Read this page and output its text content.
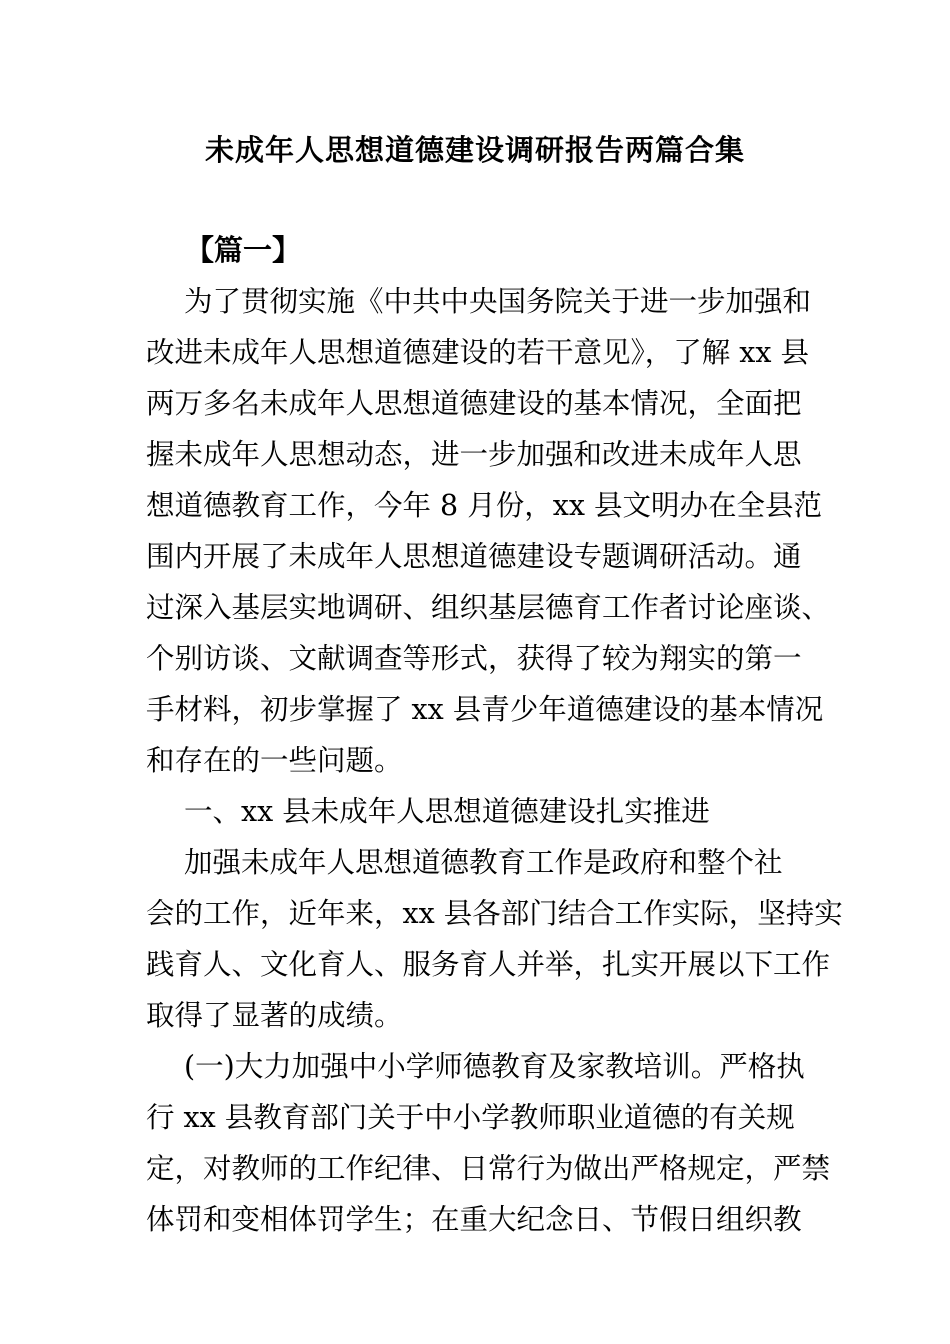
未成年人思想道德建设调研报告两篇合集
【篇一】
为了贯彻实施《中共中央国务院关于进一步加强和
改进未成年人思想道德建设的若干意见》，了解 xx 县
两万多名未成年人思想道德建设的基本情况，全面把
握未成年人思想动态，进一步加强和改进未成年人思
想道德教育工作，今年 8 月份，xx 县文明办在全县范
围内开展了未成年人思想道德建设专题调研活动。通
过深入基层实地调研、组织基层德育工作者讨论座谈、
个别访谈、文献调查等形式，获得了较为翔实的第一
手材料，初步掌握了 xx 县青少年道德建设的基本情况
和存在的一些问题。
一、xx 县未成年人思想道德建设扎实推进
加强未成年人思想道德教育工作是政府和整个社
会的工作，近年来，xx 县各部门结合工作实际，坚持实
践育人、文化育人、服务育人并举，扎实开展以下工作
取得了显著的成绩。
(一)大力加强中小学师德教育及家教培训。严格执
行 xx 县教育部门关于中小学教师职业道德的有关规
定，对教师的工作纪律、日常行为做出严格规定，严禁
体罚和变相体罚学生；在重大纪念日、节假日组织教
